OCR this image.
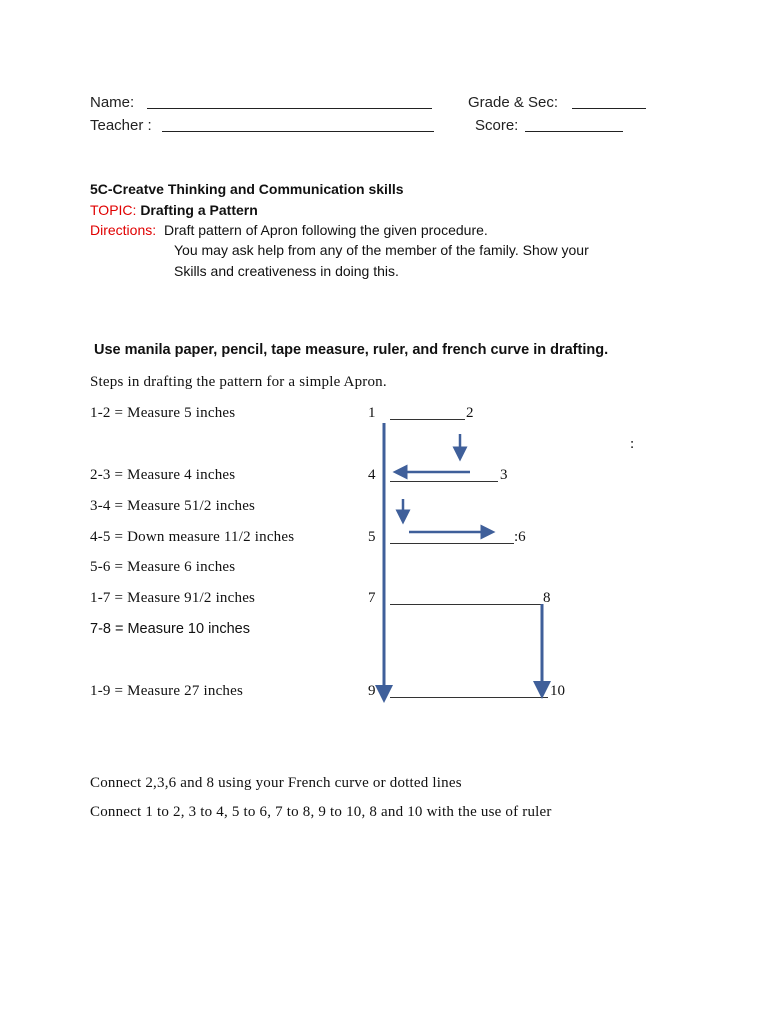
Name:	Grade & Sec:
Teacher :	Score:
5C-Creatve Thinking and Communication skills
TOPIC: Drafting a Pattern
Directions: Draft pattern of Apron following the given procedure.
You may ask help from any of the member of the family. Show your
Skills and creativeness in doing this.
Use manila paper, pencil, tape measure, ruler, and french curve in drafting.
Steps in drafting the pattern for a simple Apron.
1-2 = Measure 5 inches
2-3 = Measure 4 inches
3-4 = Measure 51/2 inches
4-5 = Down measure 11/2 inches
5-6 = Measure 6 inches
1-7 = Measure 91/2 inches
7-8 = Measure 10 inches
1-9 = Measure 27 inches
1	2
:
4	3
5	:6
7	8
9	10
Connect 2,3,6 and 8 using your French curve or dotted lines
Connect 1 to 2, 3 to 4, 5 to 6, 7 to 8, 9 to 10, 8 and 10 with the use of ruler
